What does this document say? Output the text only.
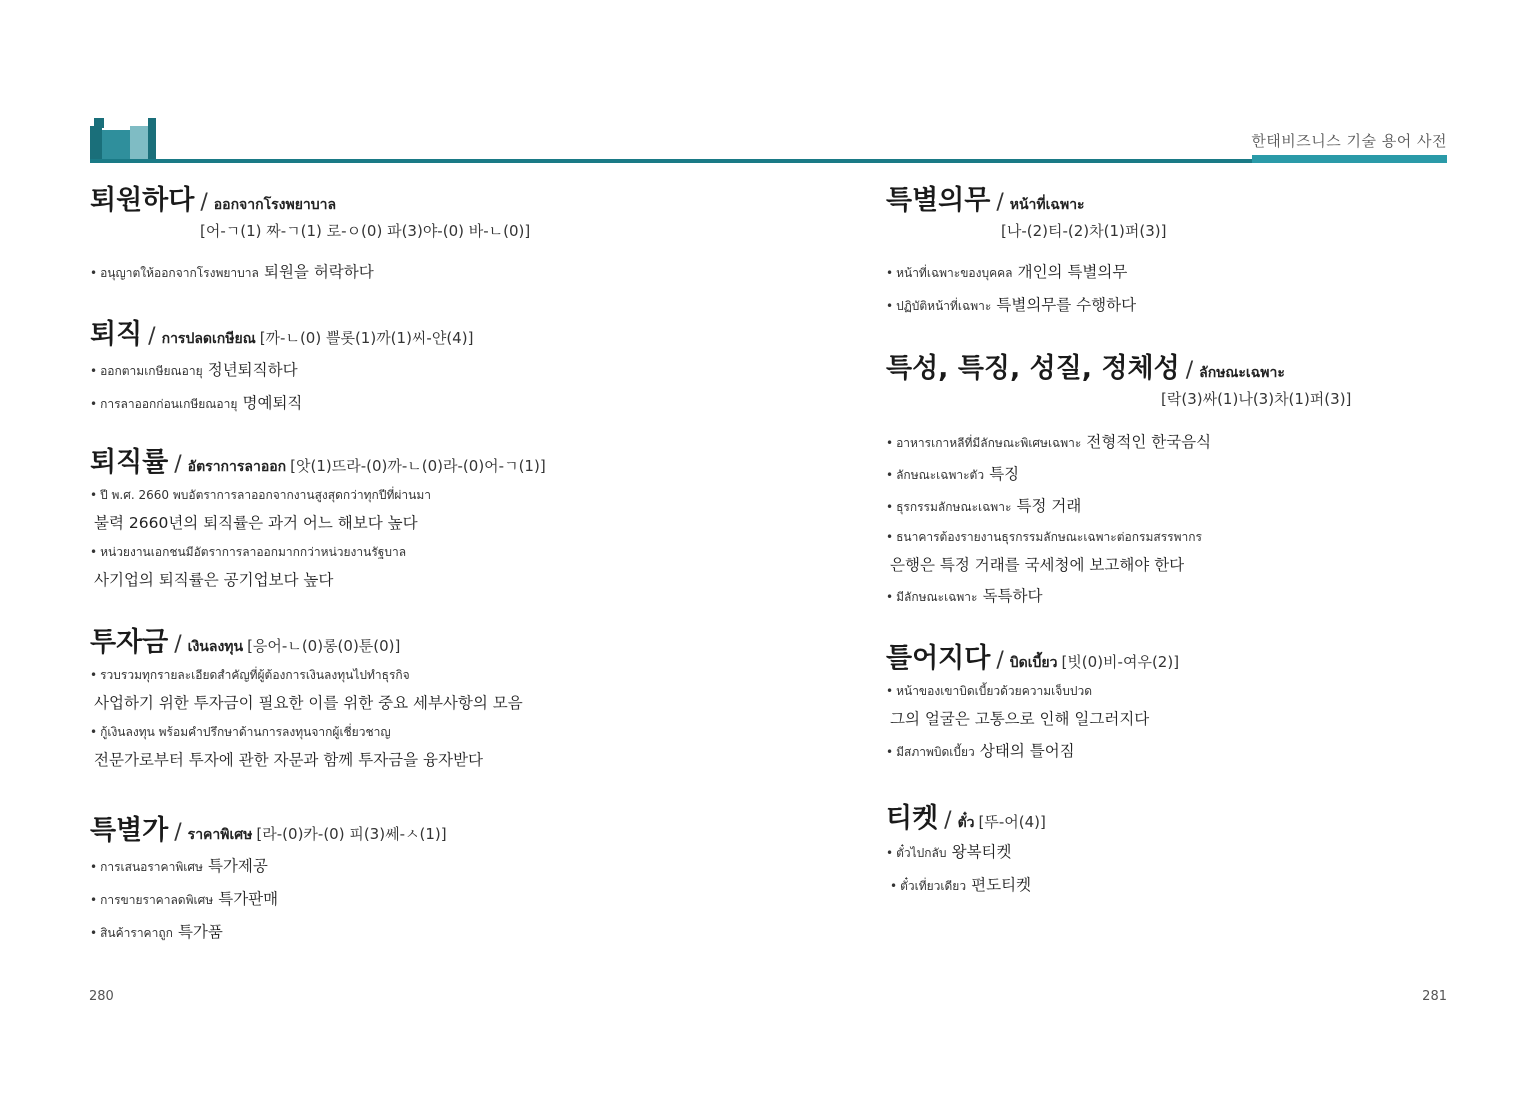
한태비즈니스 기술 용어 사전
퇴원하다 / ออกจากโรงพยาบาล
[어-ㄱ(1) 짜-ㄱ(1) 로-ㅇ(0) 파(3)야-(0) 바-ㄴ(0)]
• อนุญาตให้ออกจากโรงพยาบาล 퇴원을 허락하다
퇴직 / การปลดเกษียณ [까-ㄴ(0) 쁠롯(1)까(1)씨-얀(4)]
• ออกตามเกษียณอายุ 정년퇴직하다
• การลาออกก่อนเกษียณอายุ 명예퇴직
퇴직률 / อัตราการลาออก [앗(1)뜨라-(0)까-ㄴ(0)라-(0)어-ㄱ(1)]
• ปี พ.ศ. 2660 พบอัตราการลาออกจากงานสูงสุดกว่าทุกปีที่ผ่านมา
불력 2660년의 퇴직률은 과거 어느 해보다 높다
• หน่วยงานเอกชนมีอัตราการลาออกมากกว่าหน่วยงานรัฐบาล
사기업의 퇴직률은 공기업보다 높다
투자금 / เงินลงทุน [응어-ㄴ(0)롱(0)툰(0)]
• รวบรวมทุกรายละเอียดสำคัญที่ผู้ต้องการเงินลงทุนไปทำธุรกิจ
사업하기 위한 투자금이 필요한 이를 위한 중요 세부사항의 모음
• กู้เงินลงทุน พร้อมคำปรึกษาด้านการลงทุนจากผู้เชี่ยวชาญ
전문가로부터 투자에 관한 자문과 함께 투자금을 융자받다
특별가 / ราคาพิเศษ [라-(0)카-(0) 피(3)쎄-ㅅ(1)]
• การเสนอราคาพิเศษ 특가제공
• การขายราคาลดพิเศษ 특가판매
• สินค้าราคาถูก 특가품
특별의무 / หน้าที่เฉพาะ
[나-(2)티-(2)차(1)퍼(3)]
• หน้าที่เฉพาะของบุคคล 개인의 특별의무
• ปฏิบัติหน้าที่เฉพาะ 특별의무를 수행하다
특성, 특징, 성질, 정체성 / ลักษณะเฉพาะ
[락(3)싸(1)나(3)차(1)퍼(3)]
• อาหารเกาหลีที่มีลักษณะพิเศษเฉพาะ 전형적인 한국음식
• ลักษณะเฉพาะตัว 특징
• ธุรกรรมลักษณะเฉพาะ 특정 거래
• ธนาคารต้องรายงานธุรกรรมลักษณะเฉพาะต่อกรมสรรพากร
은행은 특정 거래를 국세청에 보고해야 한다
• มีลักษณะเฉพาะ 독특하다
틀어지다 / บิดเบี้ยว [빗(0)비-여우(2)]
• หน้าของเขาบิดเบี้ยวด้วยความเจ็บปวด
그의 얼굴은 고통으로 인해 일그러지다
• มีสภาพบิดเบี้ยว 상태의 틀어짐
티켓 / ตั๋ว [뚜-어(4)]
• ตั๋วไปกลับ 왕복티켓
• ตั๋วเที่ยวเดียว 편도티켓
280	281
